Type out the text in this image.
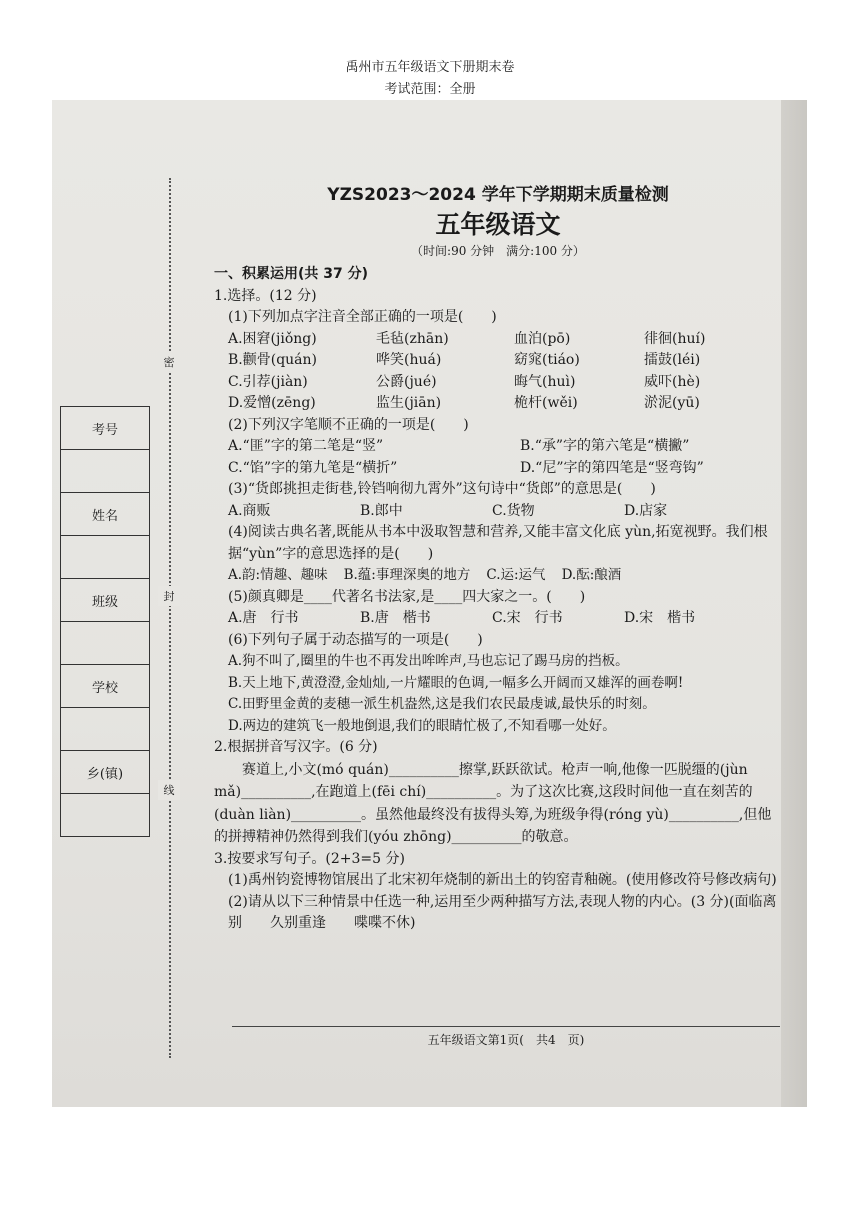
禹州市五年级语文下册期末卷
考试范围：全册
密
封
线
考号
姓名
班级
学校
乡(镇)
YZS2023～2024 学年下学期期末质量检测
五年级语文
（时间:90 分钟　满分:100 分）
一、积累运用(共 37 分)
1.选择。(12 分)
(1)下列加点字注音全部正确的一项是(　　)
A.困窘(jiǒng)	毛毡(zhān)	血泊(pō)	徘徊(huí)
B.颧骨(quán)	哗笑(huá)	窈窕(tiáo)	擂鼓(léi)
C.引荐(jiàn)	公爵(jué)	晦气(huì)	威吓(hè)
D.爱憎(zēng)	监生(jiān)	桅杆(wěi)	淤泥(yū)
(2)下列汉字笔顺不正确的一项是(　　)
A.“匪”字的第二笔是“竖”	B.“承”字的第六笔是“横撇”
C.“馅”字的第九笔是“横折”	D.“尼”字的第四笔是“竖弯钩”
(3)“货郎挑担走街巷,铃铛响彻九霄外”这句诗中“货郎”的意思是(　　)
A.商贩	B.郎中	C.货物	D.店家
(4)阅读古典名著,既能从书本中汲取智慧和营养,又能丰富文化底 yùn,拓宽视野。我们根据“yùn”字的意思选择的是(　　)
A.韵:情趣、趣味 B.蕴:事理深奥的地方 C.运:运气 D.酝:酿酒
(5)颜真卿是____代著名书法家,是____四大家之一。(　　)
A.唐　行书	B.唐　楷书	C.宋　行书	D.宋　楷书
(6)下列句子属于动态描写的一项是(　　)
A.狗不叫了,圈里的牛也不再发出哞哞声,马也忘记了踢马房的挡板。
B.天上地下,黄澄澄,金灿灿,一片耀眼的色调,一幅多么开阔而又雄浑的画卷啊!
C.田野里金黄的麦穗一派生机盎然,这是我们农民最虔诚,最快乐的时刻。
D.两边的建筑飞一般地倒退,我们的眼睛忙极了,不知看哪一处好。
2.根据拼音写汉字。(6 分)
赛道上,小文(mó quán)__________擦掌,跃跃欲试。枪声一响,他像一匹脱缰的(jùn mǎ)__________,在跑道上(fēi chí)__________。为了这次比赛,这段时间他一直在刻苦的(duàn liàn)__________。虽然他最终没有拔得头筹,为班级争得(róng yù)__________,但他的拼搏精神仍然得到我们(yóu zhōng)__________的敬意。
3.按要求写句子。(2+3=5 分)
(1)禹州钧瓷博物馆展出了北宋初年烧制的新出土的钧窑青釉碗。(使用修改符号修改病句)
(2)请从以下三种情景中任选一种,运用至少两种描写方法,表现人物的内心。(3 分)(面临离别　　久别重逢　　喋喋不休)
五年级语文第1页(　共4　页)
